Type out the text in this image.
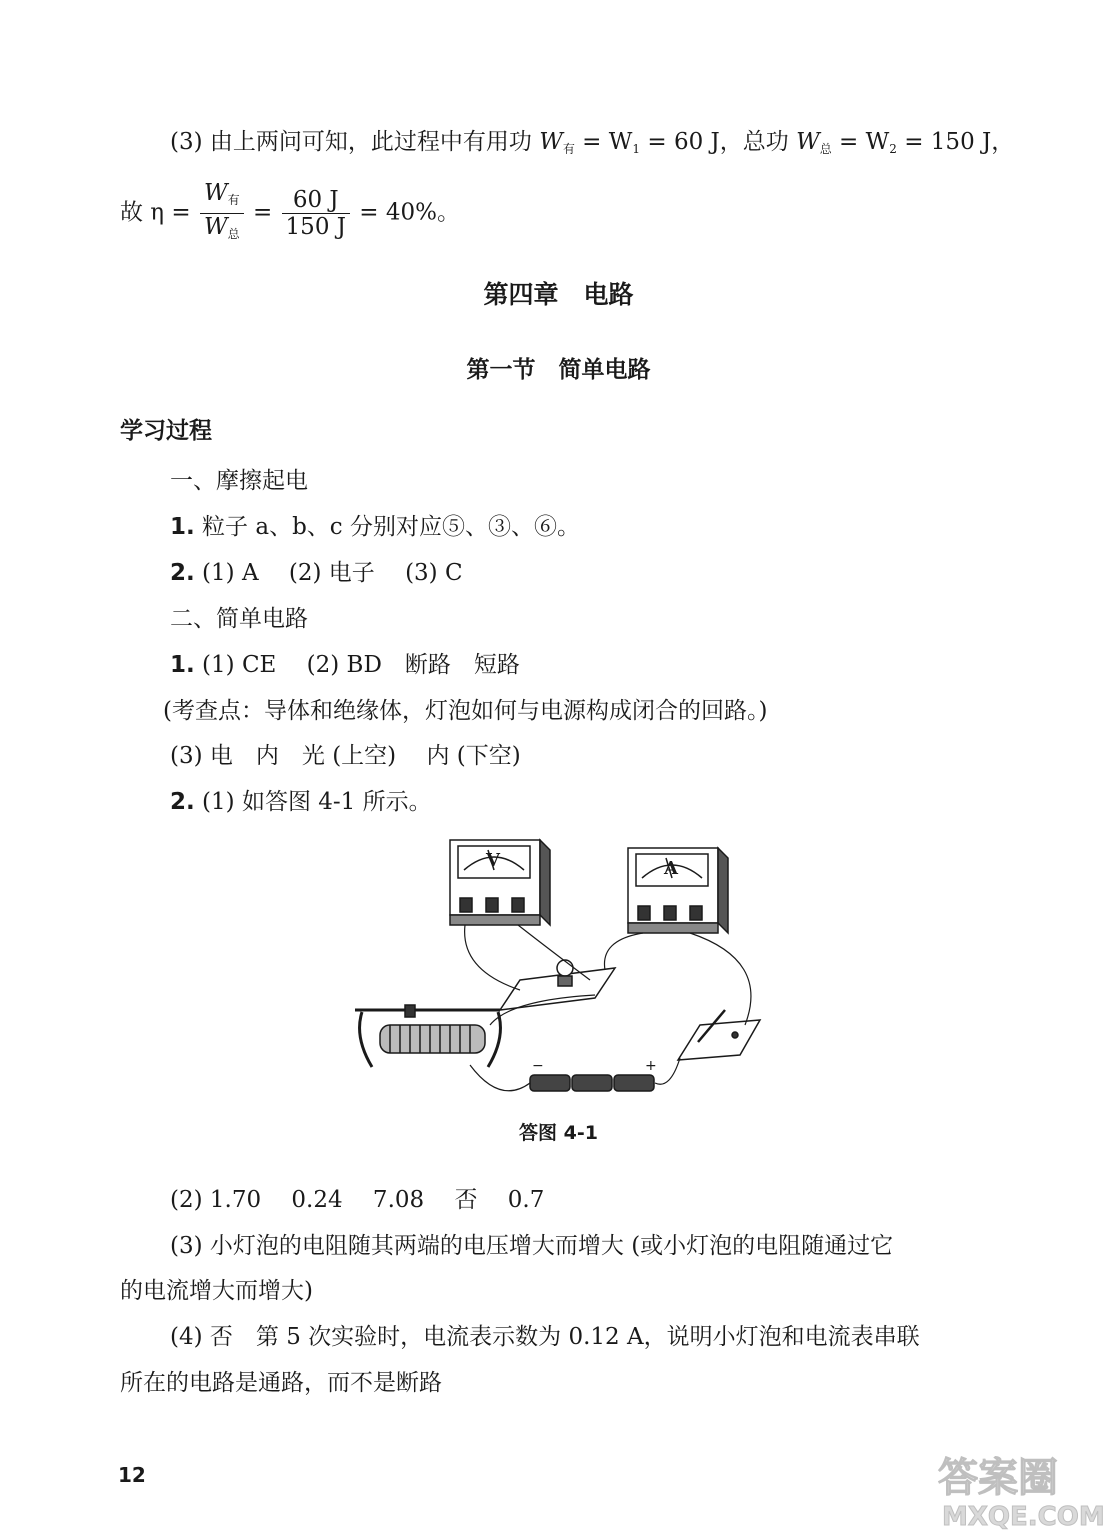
(3) 由上两问可知，此过程中有用功 $W_有 = W_1 = 60$ J，总功 $W_总 = W_2 = 150$ J，
故 $\eta = \frac{W_有}{W_总} = \frac{60 J}{150 J} = 40\%$。
第四章　电路
第一节　简单电路
学习过程
一、摩擦起电
1. 粒子 a、b、c 分别对应⑤、③、⑥。
2. (1) A　 (2) 电子　 (3) C
二、简单电路
1. (1) CE　 (2) BD　断路　短路
(考查点：导体和绝缘体，灯泡如何与电源构成闭合的回路。)
(3) 电　内　光 (上空)　 内 (下空)
2. (1) 如答图 4-1 所示。
V	A
−	+
答图 4-1
(2) 1.70　 0.24　 7.08　 否　 0.7
(3) 小灯泡的电阻随其两端的电压增大而增大 (或小灯泡的电阻随通过它
的电流增大而增大)
(4) 否　第 5 次实验时，电流表示数为 0.12 A，说明小灯泡和电流表串联
所在的电路是通路，而不是断路
12	答案圈
MXQE.COM
